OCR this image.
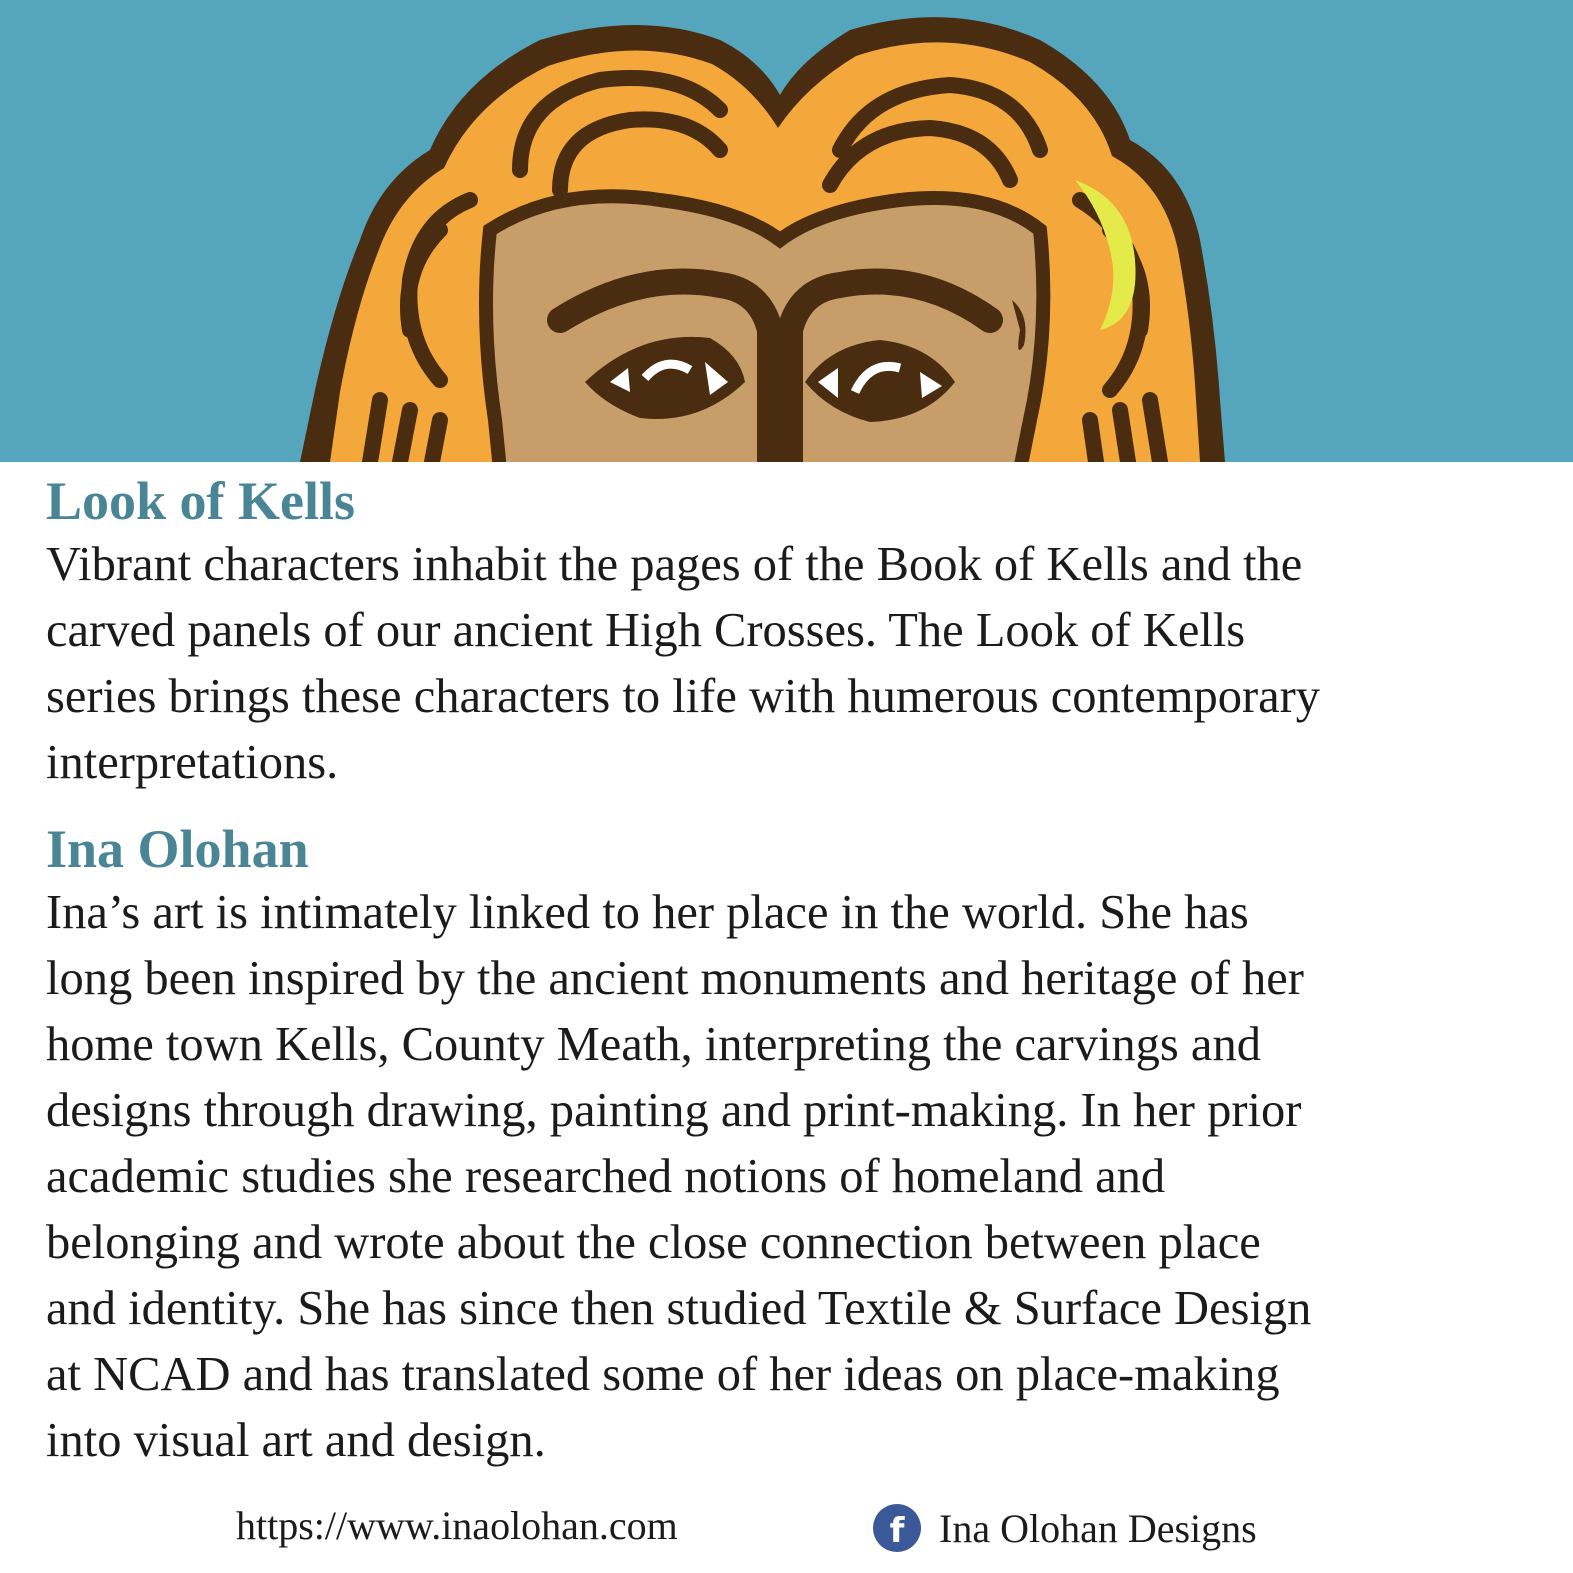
Look of Kells

Vibrant characters inhabit the pages of the Book of Kells and the
carved panels of our ancient High Crosses. The Look of Kells
series brings these characters to life with humerous contemporary
interpretations.

Ina Olohan

Ina’s art is intimately linked to her place in the world. She has
long been inspired by the ancient monuments and heritage of her
home town Kells, County Meath, interpreting the carvings and
designs through drawing, painting and print-making. In her prior
academic studies she researched notions of homeland and
belonging and wrote about the close connection between place
and identity. She has since then studied Textile & Surface Design
at NCAD and has translated some of her ideas on place-making
into visual art and design.

https://www.inaolohan.com	f Ina Olohan Designs
